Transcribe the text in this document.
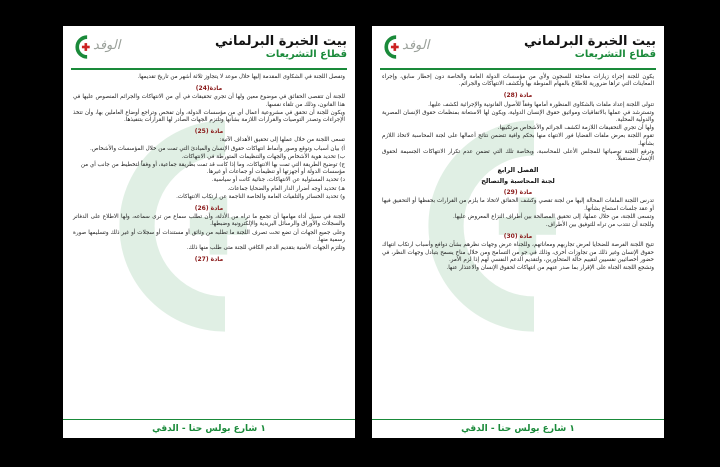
الوفد	بيت الخبرة البرلماني
قطاع التشريعات

وتفصل اللجنة في الشكاوى المقدمة إليها خلال موعد لا يتجاوز ثلاثة أشهر من تاريخ تقديمها.

مادة(24)

للجنة أن تتقصى الحقائق في موضوع معين ولها أن تجري تحقيقات في أي من الانتهاكات والجرائم المنصوص عليها في هذا القانون، وذلك من تلقاء نفسها.

ويكون للجنة أن تحقق في مشروعية أعمال أي من مؤسسات الدولة، وأن تفحص وتراجع أوضاع العاملين بها، وأن تتخذ الإجراءات وتصدر التوصيات والقرارات اللازمة بشأنها وتلتزم الجهات الصادر لها القرارات بتنفيذها.

مادة (25)

تسعى اللجنة من خلال عملها إلى تحقيق الأهداف الآتية:

أ) بيان أسباب وتوقع وصور وأنماط انتهاكات حقوق الإنسان والمبادئ التي تمت من خلال المؤسسات والأشخاص.
ب) تحديد هوية الأشخاص والجهات والتنظيمات المتورطة في الانتهاكات.
ج) توضيح الطريقة التي تمت بها الانتهاكات، وما إذا كانت قد تمت بطريقة جماعية، أو وفقاً لتخطيط من جانب أي من مؤسسات الدولة أو أجهزتها أو تنظيمات أو جماعات أو غيرها.
د) تحديد المسئولية عن الانتهاكات، جنائية كانت أو سياسية.
هـ) تحديد أوجه أضرار الدار العام والضحايا جماعات.
و) تحديد الخسائر والتلفيات العامة والخاصة الناجمة عن ارتكاب الانتهاكات.
مادة (26)

للجنة في سبيل أداء مهامها أن تجمع ما تراه من الأدلة، وأن تطلب سماع من ترى سماعه، ولها الاطلاع على الدفاتر والسجلات والأوراق والرسائل البريدية والإلكترونية وضبطها.

وعلى جميع الجهات أن تضع تحت تصرف اللجنة ما تطلبه من وثائق أو مستندات أو سجلات أو غير ذلك وتسليمها صورة رسمية منها.

وتلتزم الجهات الأمنية بتقديم الدعم الكافي للجنة متى طلب منها ذلك.

مادة (27)
١ شارع بولس حنا - الدقي
الوفد	بيت الخبرة البرلماني
قطاع التشريعات

يكون للجنة إجراء زيارات مفاجئة للسجون ولأي من مؤسسات الدولة العامة والخاصة دون إخطار سابق، وإجراء المعاينات التي تراها ضرورية للاطلاع بالمهام المنوطة بها ولكشف الانتهاكات والجرائم.

مادة (28)

تتولى اللجنة إعداد ملفات بالشكاوى المنظورة أمامها وفقاً للأصول القانونية والإجرائية لكشف عليها.

وتسترشد في عملها بالاتفاقيات ومواثيق حقوق الإنسان الدولية، ويكون لها الاستعانة بمنظمات حقوق الإنسان المصرية والدولية المحلية.

ولها أن تجري التحقيقات اللازمة لكشف الجرائم والأشخاص مرتكبيها.

تقوم اللجنة بعرض ملفات القضايا فور الانتهاء منها بحكم وافية تتضمن نتائج أعمالها على لجنة المحاسبة لاتخاذ اللازم بشأنها.

وترفع اللجنة توصياتها للمجلس الأعلى للمحاسبة، وبخاصة تلك التي تضمن عدم تكرار الانتهاكات الجسيمة لحقوق الإنسان مستقبلاً.

الفصل الرابع
لجنة المحاسبة والتصالح
مادة (29)

تدرس اللجنة الملفات المحالة إليها من لجنة تقصي وكشف الحقائق لاتخاذ ما يلزم من القرارات بحفظها أو التحقيق فيها أو عقد جلسات استماع بشأنها.

وتسعى اللجنة، من خلال عملها، إلى تحقيق المصالحة بين أطراف النزاع المعروض عليها.

وللجنة أن تنتدب من تراه للتوفيق بين الأطراف.

مادة (30)

تتيح اللجنة الفرصة للضحايا لعرض تجاربهم ومعاناتهم، وللجناة عرض وجهات نظرهم بشأن دوافع وأسباب ارتكاب انتهاك حقوق الإنسان وغير ذلك من تجاوزات أخرى، وذلك في جو من التسامح ومن خلال مناخ يسمح بتبادل وجهات النظر، في حضور أخصائيين نفسيين لتقييم حالة المتحاورين، ولتقديم الدعم النفسي لهم إذا لزم الأمر.

وتشجع اللجنة الجناة على الإقرار بما صدر عنهم من انتهاكات لحقوق الإنسان والاعتذار عنها.

١ شارع بولس حنا - الدقي
